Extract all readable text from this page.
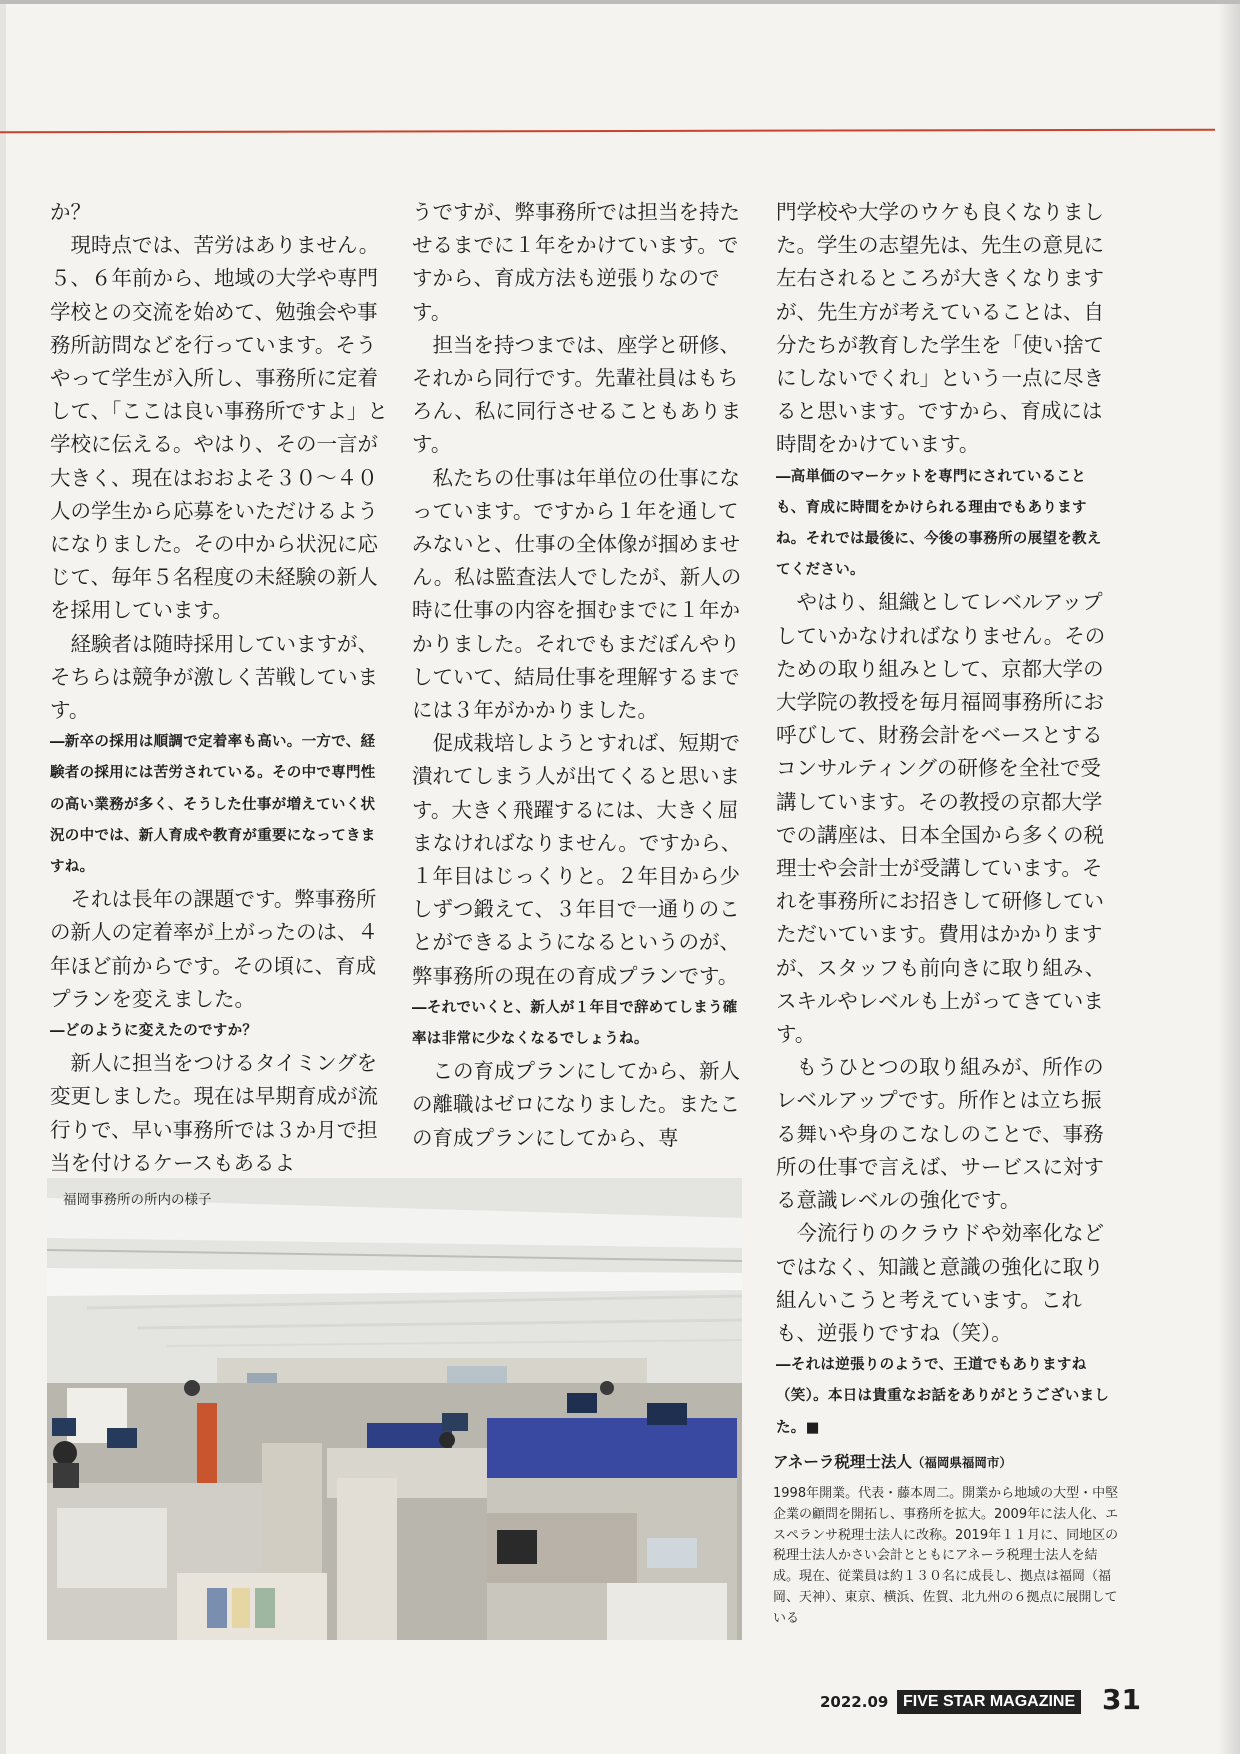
か？

現時点では、苦労はありません。５、６年前から、地域の大学や専門学校との交流を始めて、勉強会や事務所訪問などを行っています。そうやって学生が入所し、事務所に定着して、「ここは良い事務所ですよ」と学校に伝える。やはり、その一言が大きく、現在はおおよそ３０～４０人の学生から応募をいただけるようになりました。その中から状況に応じて、毎年５名程度の未経験の新人を採用しています。

経験者は随時採用していますが、そちらは競争が激しく苦戦しています。

―新卒の採用は順調で定着率も高い。一方で、経験者の採用には苦労されている。その中で専門性の高い業務が多く、そうした仕事が増えていく状況の中では、新人育成や教育が重要になってきますね。

それは長年の課題です。弊事務所の新人の定着率が上がったのは、４年ほど前からです。その頃に、育成プランを変えました。

―どのように変えたのですか？

新人に担当をつけるタイミングを変更しました。現在は早期育成が流行りで、早い事務所では３か月で担当を付けるケースもあるよ

うですが、弊事務所では担当を持たせるまでに１年をかけています。ですから、育成方法も逆張りなのです。

担当を持つまでは、座学と研修、それから同行です。先輩社員はもちろん、私に同行させることもあります。

私たちの仕事は年単位の仕事になっています。ですから１年を通してみないと、仕事の全体像が掴めません。私は監査法人でしたが、新人の時に仕事の内容を掴むまでに１年かかりました。それでもまだぼんやりしていて、結局仕事を理解するまでには３年がかかりました。

促成栽培しようとすれば、短期で潰れてしまう人が出てくると思います。大きく飛躍するには、大きく屈まなければなりません。ですから、１年目はじっくりと。２年目から少しずつ鍛えて、３年目で一通りのことができるようになるというのが、弊事務所の現在の育成プランです。

―それでいくと、新人が１年目で辞めてしまう確率は非常に少なくなるでしょうね。

この育成プランにしてから、新人の離職はゼロになりました。またこの育成プランにしてから、専

門学校や大学のウケも良くなりました。学生の志望先は、先生の意見に左右されるところが大きくなりますが、先生方が考えていることは、自分たちが教育した学生を「使い捨てにしないでくれ」という一点に尽きると思います。ですから、育成には時間をかけています。

―高単価のマーケットを専門にされていることも、育成に時間をかけられる理由でもありますね。それでは最後に、今後の事務所の展望を教えてください。

やはり、組織としてレベルアップしていかなければなりません。そのための取り組みとして、京都大学の大学院の教授を毎月福岡事務所にお呼びして、財務会計をベースとするコンサルティングの研修を全社で受講しています。その教授の京都大学での講座は、日本全国から多くの税理士や会計士が受講しています。それを事務所にお招きして研修していただいています。費用はかかりますが、スタッフも前向きに取り組み、スキルやレベルも上がってきています。

もうひとつの取り組みが、所作のレベルアップです。所作とは立ち振る舞いや身のこなしのことで、事務所の仕事で言えば、サービスに対する意識レベルの強化です。

今流行りのクラウドや効率化などではなく、知識と意識の強化に取り組んいこうと考えています。これも、逆張りですね（笑）。

―それは逆張りのようで、王道でもありますね（笑）。本日は貴重なお話をありがとうございました。■

福岡事務所の所内の様子
アネーラ税理士法人（福岡県福岡市）

1998年開業。代表・藤本周二。開業から地域の大型・中堅企業の顧問を開拓し、事務所を拡大。2009年に法人化、エスペランサ税理士法人に改称。2019年１１月に、同地区の税理士法人かさい会計とともにアネーラ税理士法人を結成。現在、従業員は約１３０名に成長し、拠点は福岡（福岡、天神）、東京、横浜、佐賀、北九州の６拠点に展開している

2022.09 FIVE STAR MAGAZINE 31
